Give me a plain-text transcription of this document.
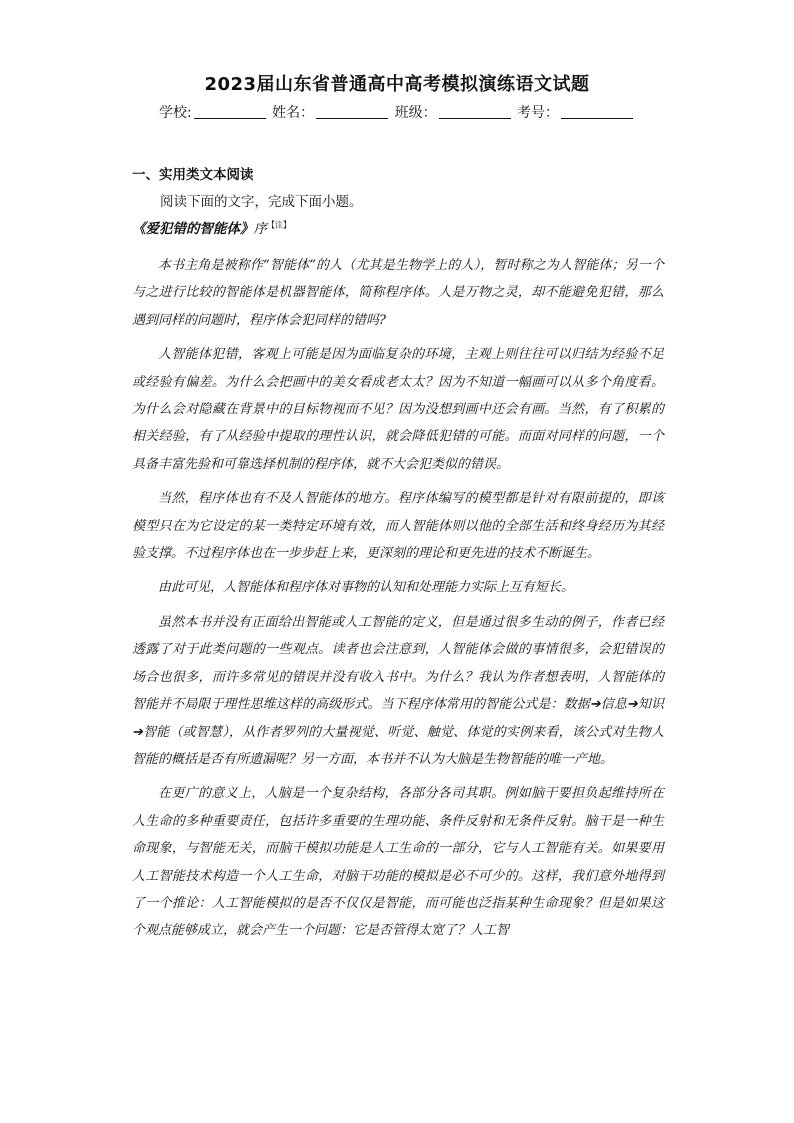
2023届山东省普通高中高考模拟演练语文试题
学校:	姓名：	班级：	考号：
一、实用类文本阅读
阅读下面的文字，完成下面小题。
《爱犯错的智能体》序$^{【注】}$

本书主角是被称作“智能体”的人（尤其是生物学上的人），暂时称之为人智能体；另一个与之进行比较的智能体是机器智能体，简称程序体。人是万物之灵，却不能避免犯错，那么遇到同样的问题时，程序体会犯同样的错吗?

人智能体犯错，客观上可能是因为面临复杂的环境，主观上则往往可以归结为经验不足或经验有偏差。为什么会把画中的美女看成老太太？因为不知道一幅画可以从多个角度看。为什么会对隐藏在背景中的目标物视而不见？因为没想到画中还会有画。当然，有了积累的相关经验，有了从经验中提取的理性认识，就会降低犯错的可能。而面对同样的问题，一个具备丰富先验和可靠选择机制的程序体，就不大会犯类似的错误。

当然，程序体也有不及人智能体的地方。程序体编写的模型都是针对有限前提的，即该模型只在为它设定的某一类特定环境有效，而人智能体则以他的全部生活和终身经历为其经验支撑。不过程序体也在一步步赶上来，更深刻的理论和更先进的技术不断诞生。

由此可见，人智能体和程序体对事物的认知和处理能力实际上互有短长。

虽然本书并没有正面给出智能或人工智能的定义，但是通过很多生动的例子，作者已经透露了对于此类问题的一些观点。读者也会注意到，人智能体会做的事情很多，会犯错误的场合也很多，而许多常见的错误并没有收入书中。为什么？我认为作者想表明，人智能体的智能并不局限于理性思维这样的高级形式。当下程序体常用的智能公式是：数据➔信息➔知识➔智能（或智慧），从作者罗列的大量视觉、听觉、触觉、体觉的实例来看，该公式对生物人智能的概括是否有所遗漏呢？另一方面，本书并不认为大脑是生物智能的唯一产地。

在更广的意义上，人脑是一个复杂结构，各部分各司其职。例如脑干要担负起维持所在人生命的多种重要责任，包括许多重要的生理功能、条件反射和无条件反射。脑干是一种生命现象，与智能无关，而脑干模拟功能是人工生命的一部分，它与人工智能有关。如果要用人工智能技术构造一个人工生命，对脑干功能的模拟是必不可少的。这样，我们意外地得到了一个推论：人工智能模拟的是否不仅仅是智能，而可能也泛指某种生命现象？但是如果这个观点能够成立，就会产生一个问题：它是否管得太宽了？人工智
